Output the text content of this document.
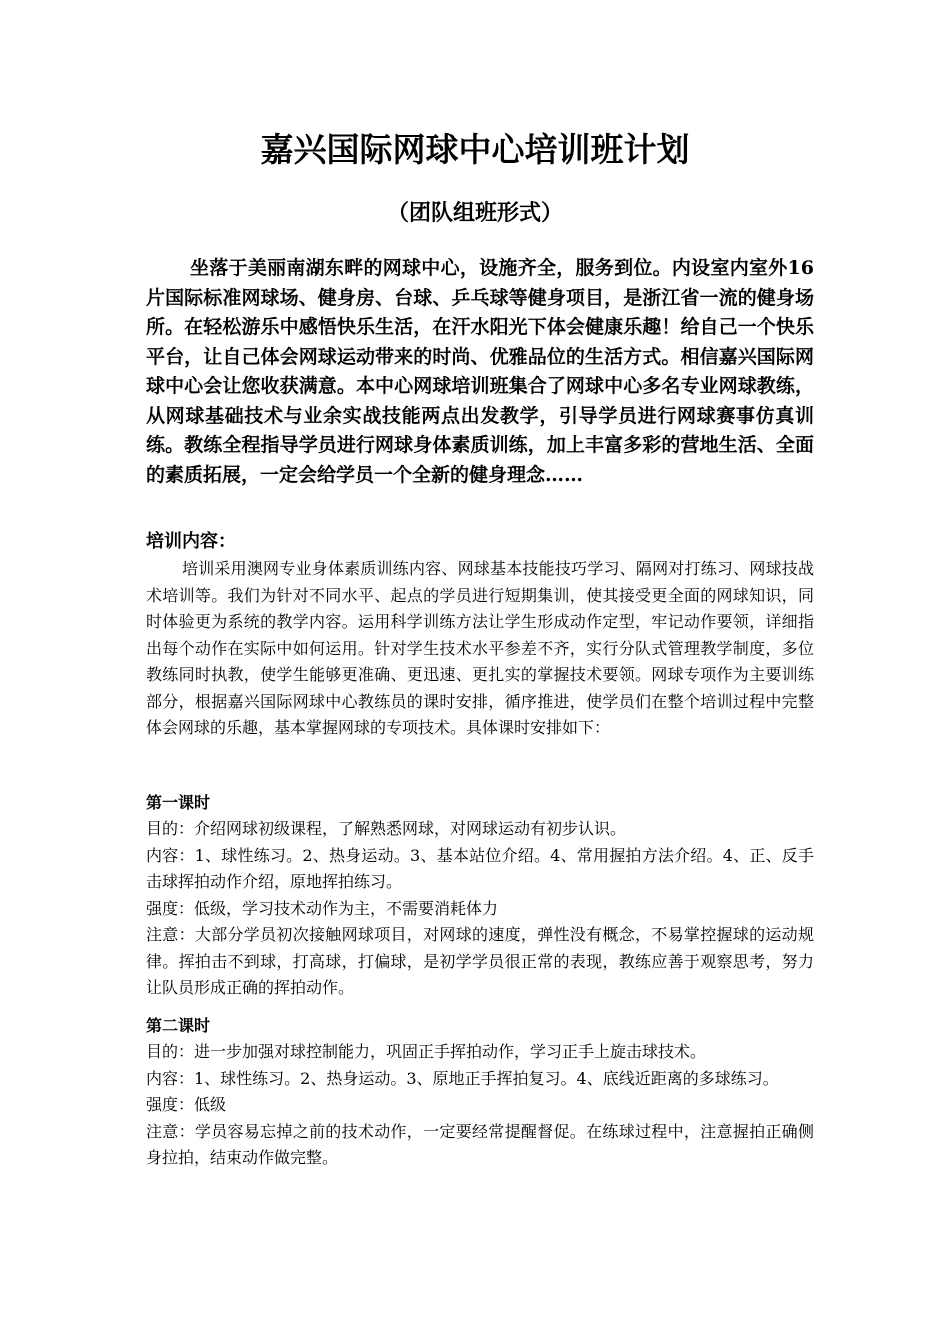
嘉兴国际网球中心培训班计划
（团队组班形式）

坐落于美丽南湖东畔的网球中心，设施齐全，服务到位。内设室内室外16片国际标准网球场、健身房、台球、乒乓球等健身项目，是浙江省一流的健身场所。在轻松游乐中感悟快乐生活，在汗水阳光下体会健康乐趣！给自己一个快乐平台，让自己体会网球运动带来的时尚、优雅品位的生活方式。相信嘉兴国际网球中心会让您收获满意。本中心网球培训班集合了网球中心多名专业网球教练，从网球基础技术与业余实战技能两点出发教学，引导学员进行网球赛事仿真训练。教练全程指导学员进行网球身体素质训练，加上丰富多彩的营地生活、全面的素质拓展，一定会给学员一个全新的健身理念……

培训内容：

培训采用澳网专业身体素质训练内容、网球基本技能技巧学习、隔网对打练习、网球技战术培训等。我们为针对不同水平、起点的学员进行短期集训，使其接受更全面的网球知识，同时体验更为系统的教学内容。运用科学训练方法让学生形成动作定型，牢记动作要领，详细指出每个动作在实际中如何运用。针对学生技术水平参差不齐，实行分队式管理教学制度，多位教练同时执教，使学生能够更准确、更迅速、更扎实的掌握技术要领。网球专项作为主要训练部分，根据嘉兴国际网球中心教练员的课时安排，循序推进，使学员们在整个培训过程中完整体会网球的乐趣，基本掌握网球的专项技术。具体课时安排如下：

第一课时

目的：介绍网球初级课程，了解熟悉网球，对网球运动有初步认识。

内容：1、球性练习。2、热身运动。3、基本站位介绍。4、常用握拍方法介绍。4、正、反手击球挥拍动作介绍，原地挥拍练习。

强度：低级，学习技术动作为主，不需要消耗体力

注意：大部分学员初次接触网球项目，对网球的速度，弹性没有概念，不易掌控握球的运动规律。挥拍击不到球，打高球，打偏球，是初学学员很正常的表现，教练应善于观察思考，努力让队员形成正确的挥拍动作。

第二课时

目的：进一步加强对球控制能力，巩固正手挥拍动作，学习正手上旋击球技术。

内容：1、球性练习。2、热身运动。3、原地正手挥拍复习。4、底线近距离的多球练习。

强度：低级

注意：学员容易忘掉之前的技术动作，一定要经常提醒督促。在练球过程中，注意握拍正确侧身拉拍，结束动作做完整。
